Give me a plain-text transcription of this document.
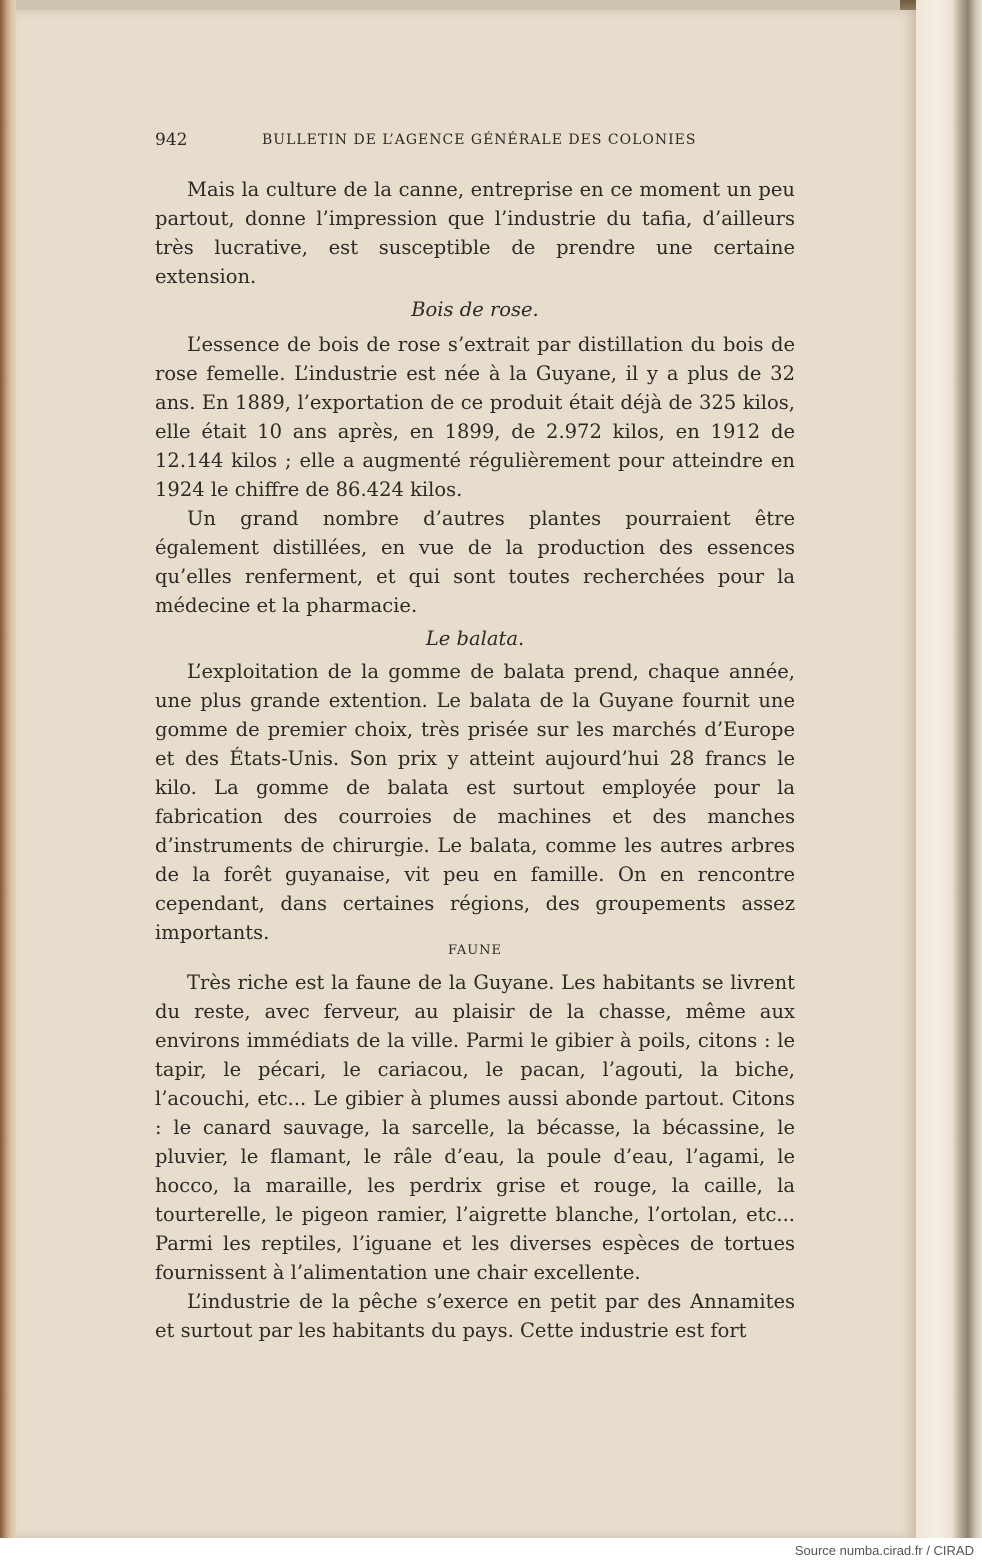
942	BULLETIN DE L’AGENCE GÉNÉRALE DES COLONIES

Mais la culture de la canne, entreprise en ce moment un peu partout, donne l’impression que l’industrie du tafia, d’ailleurs très lucrative, est susceptible de prendre une certaine extension.

Bois de rose.

L’essence de bois de rose s’extrait par distillation du bois de rose femelle. L’industrie est née à la Guyane, il y a plus de 32 ans. En 1889, l’exportation de ce produit était déjà de 325 kilos, elle était 10 ans après, en 1899, de 2.972 kilos, en 1912 de 12.144 kilos ; elle a augmenté régulièrement pour atteindre en 1924 le chiffre de 86.424 kilos.

Un grand nombre d’autres plantes pourraient être également distillées, en vue de la production des essences qu’elles renferment, et qui sont toutes recherchées pour la médecine et la pharmacie.

Le balata.

L’exploitation de la gomme de balata prend, chaque année, une plus grande extention. Le balata de la Guyane fournit une gomme de premier choix, très prisée sur les marchés d’Europe et des États-Unis. Son prix y atteint aujourd’hui 28 francs le kilo. La gomme de balata est surtout employée pour la fabrication des courroies de machines et des manches d’instruments de chirurgie. Le balata, comme les autres arbres de la forêt guyanaise, vit peu en famille. On en rencontre cependant, dans certaines régions, des groupements assez importants.

FAUNE

Très riche est la faune de la Guyane. Les habitants se livrent du reste, avec ferveur, au plaisir de la chasse, même aux environs immédiats de la ville. Parmi le gibier à poils, citons : le tapir, le pécari, le cariacou, le pacan, l’agouti, la biche, l’acouchi, etc... Le gibier à plumes aussi abonde partout. Citons : le canard sauvage, la sarcelle, la bécasse, la bécassine, le pluvier, le flamant, le râle d’eau, la poule d’eau, l’agami, le hocco, la maraille, les perdrix grise et rouge, la caille, la tourterelle, le pigeon ramier, l’aigrette blanche, l’ortolan, etc... Parmi les reptiles, l’iguane et les diverses espèces de tortues fournissent à l’alimentation une chair excellente.

L’industrie de la pêche s’exerce en petit par des Annamites et surtout par les habitants du pays. Cette industrie est fort

Source numba.cirad.fr / CIRAD
